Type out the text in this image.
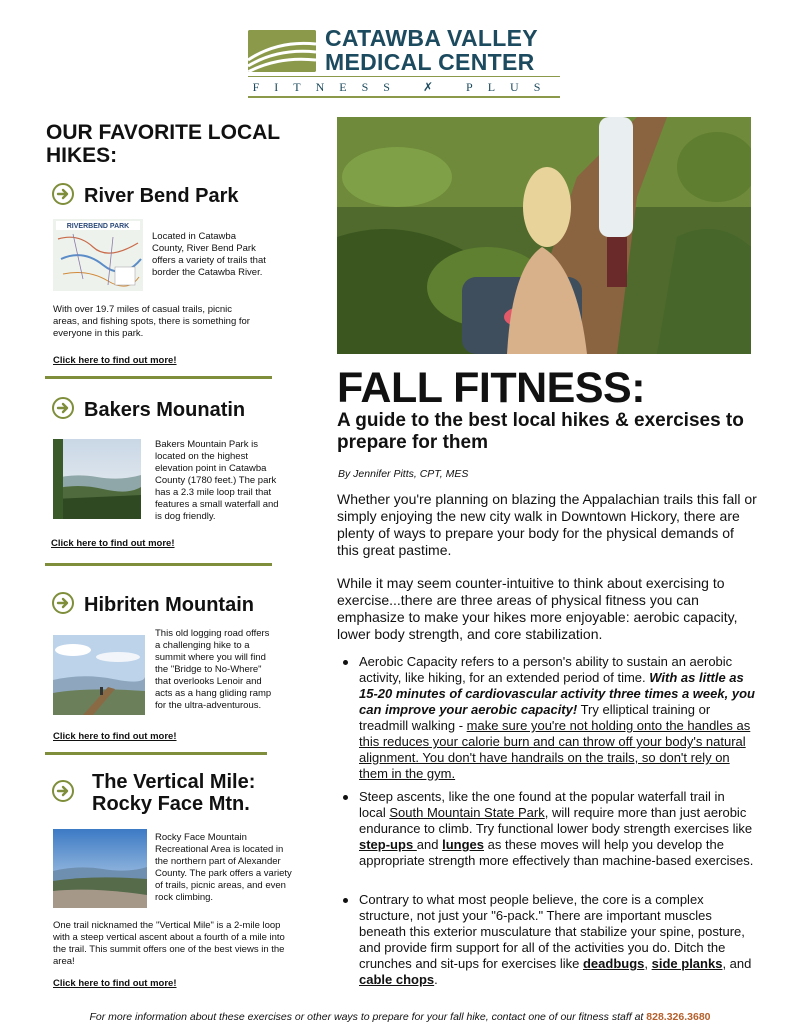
CATAWBA VALLEY
MEDICAL CENTER
FITNESS ✗ PLUS
OUR FAVORITE LOCAL HIKES:
River Bend Park
RIVERBEND PARK
Located in Catawba County, River Bend Park offers a variety of trails that border the Catawba River.
With over 19.7 miles of casual trails, picnic areas, and fishing spots, there is something for everyone in this park.
Click here to find out more!
Bakers Mounatin
Bakers Mountain Park is located on the highest elevation point in Catawba County (1780 feet.) The park has a 2.3 mile loop trail that features a small waterfall and is dog friendly.
Click here to find out more!
Hibriten Mountain
This old logging road offers a challenging hike to a summit where you will find the "Bridge to No-Where" that overlooks Lenoir and acts as a hang gliding ramp for the ultra-adventurous.
Click here to find out more!
The Vertical Mile:
Rocky Face Mtn.
Rocky Face Mountain Recreational Area is located in the northern part of Alexander County. The park offers a variety of trails, picnic areas, and even rock climbing.
One trail nicknamed the "Vertical Mile" is a 2-mile loop with a steep vertical ascent about a fourth of a mile into the trail. This summit offers one of the best views in the area!
Click here to find out more!
FALL FITNESS:
A guide to the best local hikes & exercises to prepare for them
By Jennifer Pitts, CPT, MES
Whether you're planning on blazing the Appalachian trails this fall or simply enjoying the new city walk in Downtown Hickory, there are plenty of ways to prepare your body for the physical demands of this great pastime.
While it may seem counter-intuitive to think about exercising to exercise...there are three areas of physical fitness you can emphasize to make your hikes more enjoyable: aerobic capacity, lower body strength, and core stabilization.
Aerobic Capacity refers to a person's ability to sustain an aerobic activity, like hiking, for an extended period of time. With as little as 15-20 minutes of cardiovascular activity three times a week, you can improve your aerobic capacity! Try elliptical training or treadmill walking - make sure you're not holding onto the handles as this reduces your calorie burn and can throw off your body's natural alignment. You don't have handrails on the trails, so don't rely on them in the gym.
Steep ascents, like the one found at the popular waterfall trail in local South Mountain State Park, will require more than just aerobic endurance to climb. Try functional lower body strength exercises like step-ups and lunges as these moves will help you develop the appropriate strength more effectively than machine-based exercises.
Contrary to what most people believe, the core is a complex structure, not just your "6-pack." There are important muscles beneath this exterior musculature that stabilize your spine, posture, and provide firm support for all of the activities you do. Ditch the crunches and sit-ups for exercises like deadbugs, side planks, and cable chops.
For more information about these exercises or other ways to prepare for your fall hike, contact one of our fitness staff at 828.326.3680
